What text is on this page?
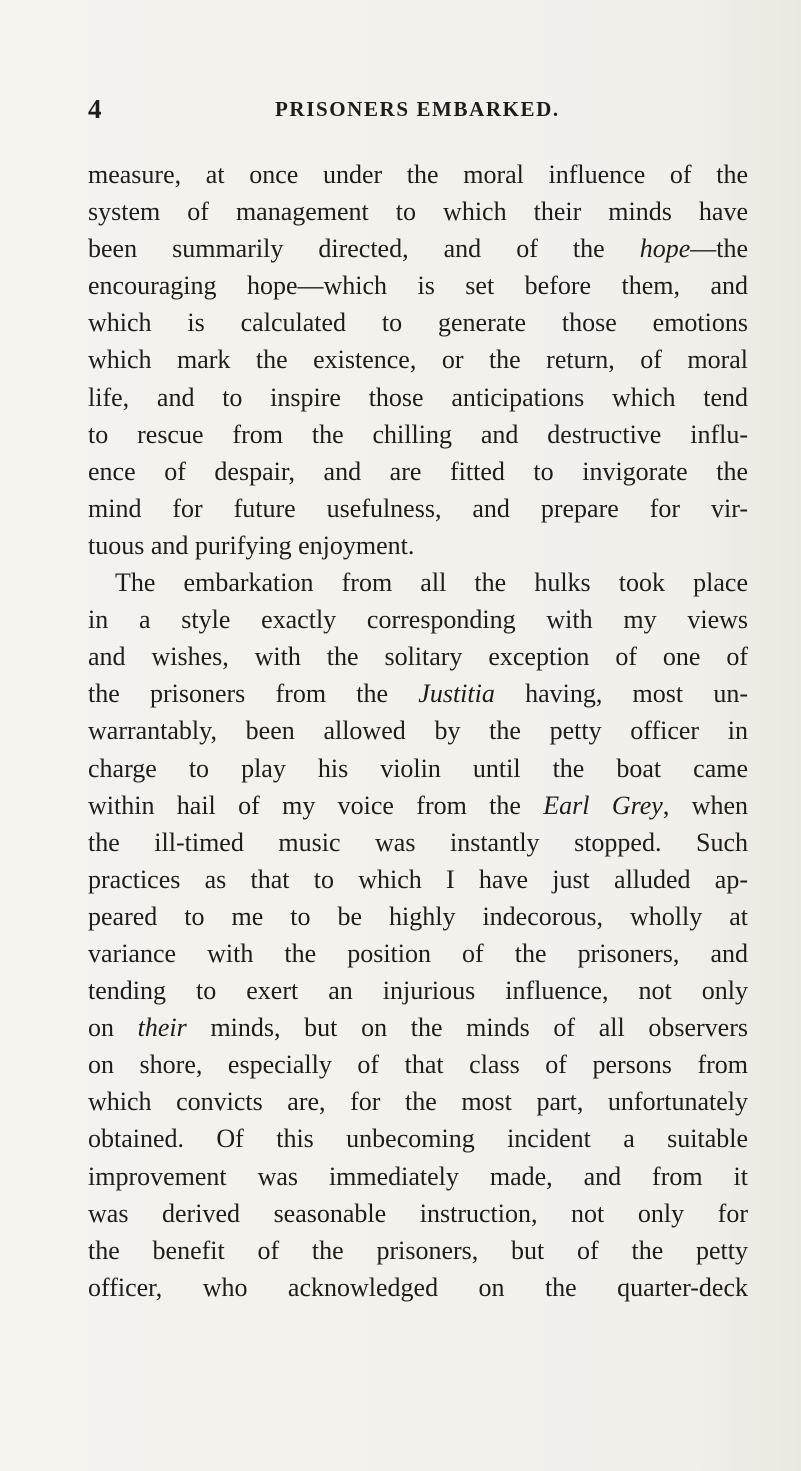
4	PRISONERS EMBARKED.
measure, at once under the moral influence of the
system of management to which their minds have
been summarily directed, and of the hope—the
encouraging hope—which is set before them, and
which is calculated to generate those emotions
which mark the existence, or the return, of moral
life, and to inspire those anticipations which tend
to rescue from the chilling and destructive influ-
ence of despair, and are fitted to invigorate the
mind for future usefulness, and prepare for vir-
tuous and purifying enjoyment.
The embarkation from all the hulks took place
in a style exactly corresponding with my views
and wishes, with the solitary exception of one of
the prisoners from the Justitia having, most un-
warrantably, been allowed by the petty officer in
charge to play his violin until the boat came
within hail of my voice from the Earl Grey, when
the ill-timed music was instantly stopped. Such
practices as that to which I have just alluded ap-
peared to me to be highly indecorous, wholly at
variance with the position of the prisoners, and
tending to exert an injurious influence, not only
on their minds, but on the minds of all observers
on shore, especially of that class of persons from
which convicts are, for the most part, unfortunately
obtained. Of this unbecoming incident a suitable
improvement was immediately made, and from it
was derived seasonable instruction, not only for
the benefit of the prisoners, but of the petty
officer, who acknowledged on the quarter-deck
